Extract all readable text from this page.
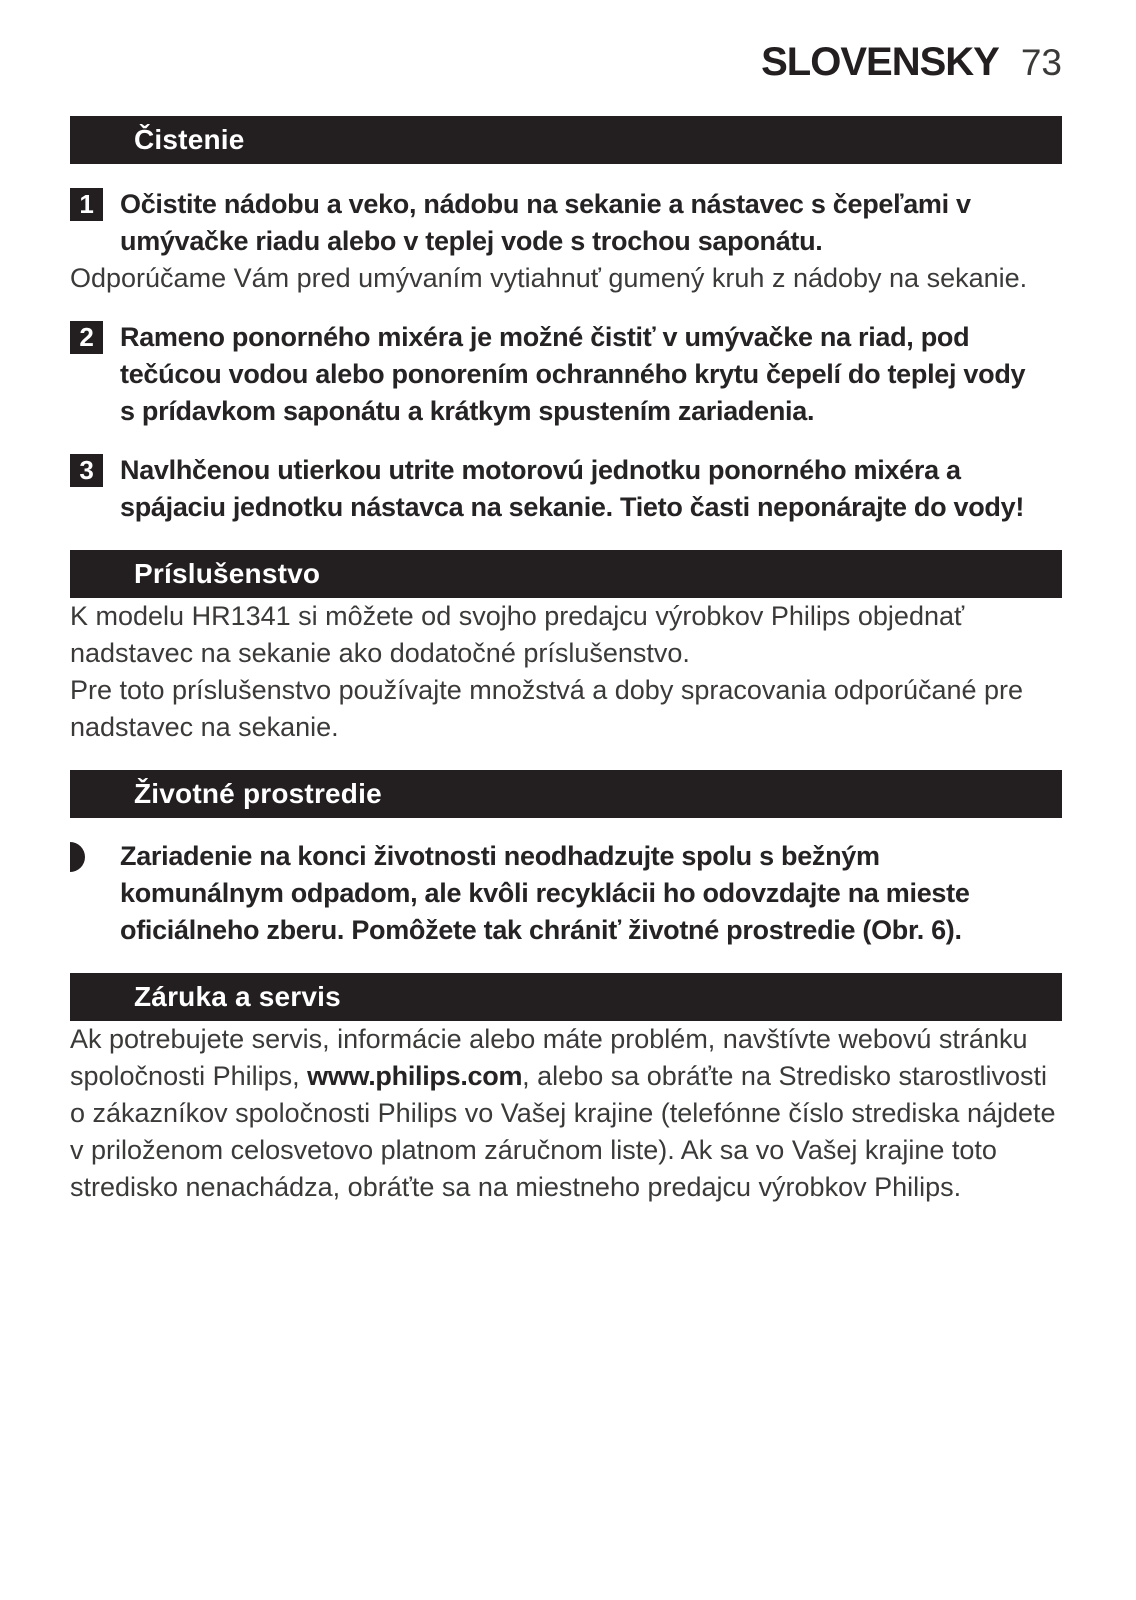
SLOVENSKY 73
Čistenie
1 Očistite nádobu a veko, nádobu na sekanie a nástavec s čepeľami v umývačke riadu alebo v teplej vode s trochou saponátu.

Odporúčame Vám pred umývaním vytiahnuť gumený kruh z nádoby na sekanie.

2 Rameno ponorného mixéra je možné čistiť v umývačke na riad, pod tečúcou vodou alebo ponorením ochranného krytu čepelí do teplej vody s prídavkom saponátu a krátkym spustením zariadenia.
3 Navlhčenou utierkou utrite motorovú jednotku ponorného mixéra a spájaciu jednotku nástavca na sekanie. Tieto časti neponárajte do vody!
Príslušenstvo

K modelu HR1341 si môžete od svojho predajcu výrobkov Philips objednať nadstavec na sekanie ako dodatočné príslušenstvo.

Pre toto príslušenstvo používajte množstvá a doby spracovania odporúčané pre nadstavec na sekanie.

Životné prostredie
Zariadenie na konci životnosti neodhadzujte spolu s bežným komunálnym odpadom, ale kvôli recyklácii ho odovzdajte na mieste oficiálneho zberu. Pomôžete tak chrániť životné prostredie (Obr. 6).
Záruka a servis

Ak potrebujete servis, informácie alebo máte problém, navštívte webovú stránku spoločnosti Philips, www.philips.com, alebo sa obráťte na Stredisko starostlivosti o zákazníkov spoločnosti Philips vo Vašej krajine (telefónne číslo strediska nájdete v priloženom celosvetovo platnom záručnom liste). Ak sa vo Vašej krajine toto stredisko nenachádza, obráťte sa na miestneho predajcu výrobkov Philips.
